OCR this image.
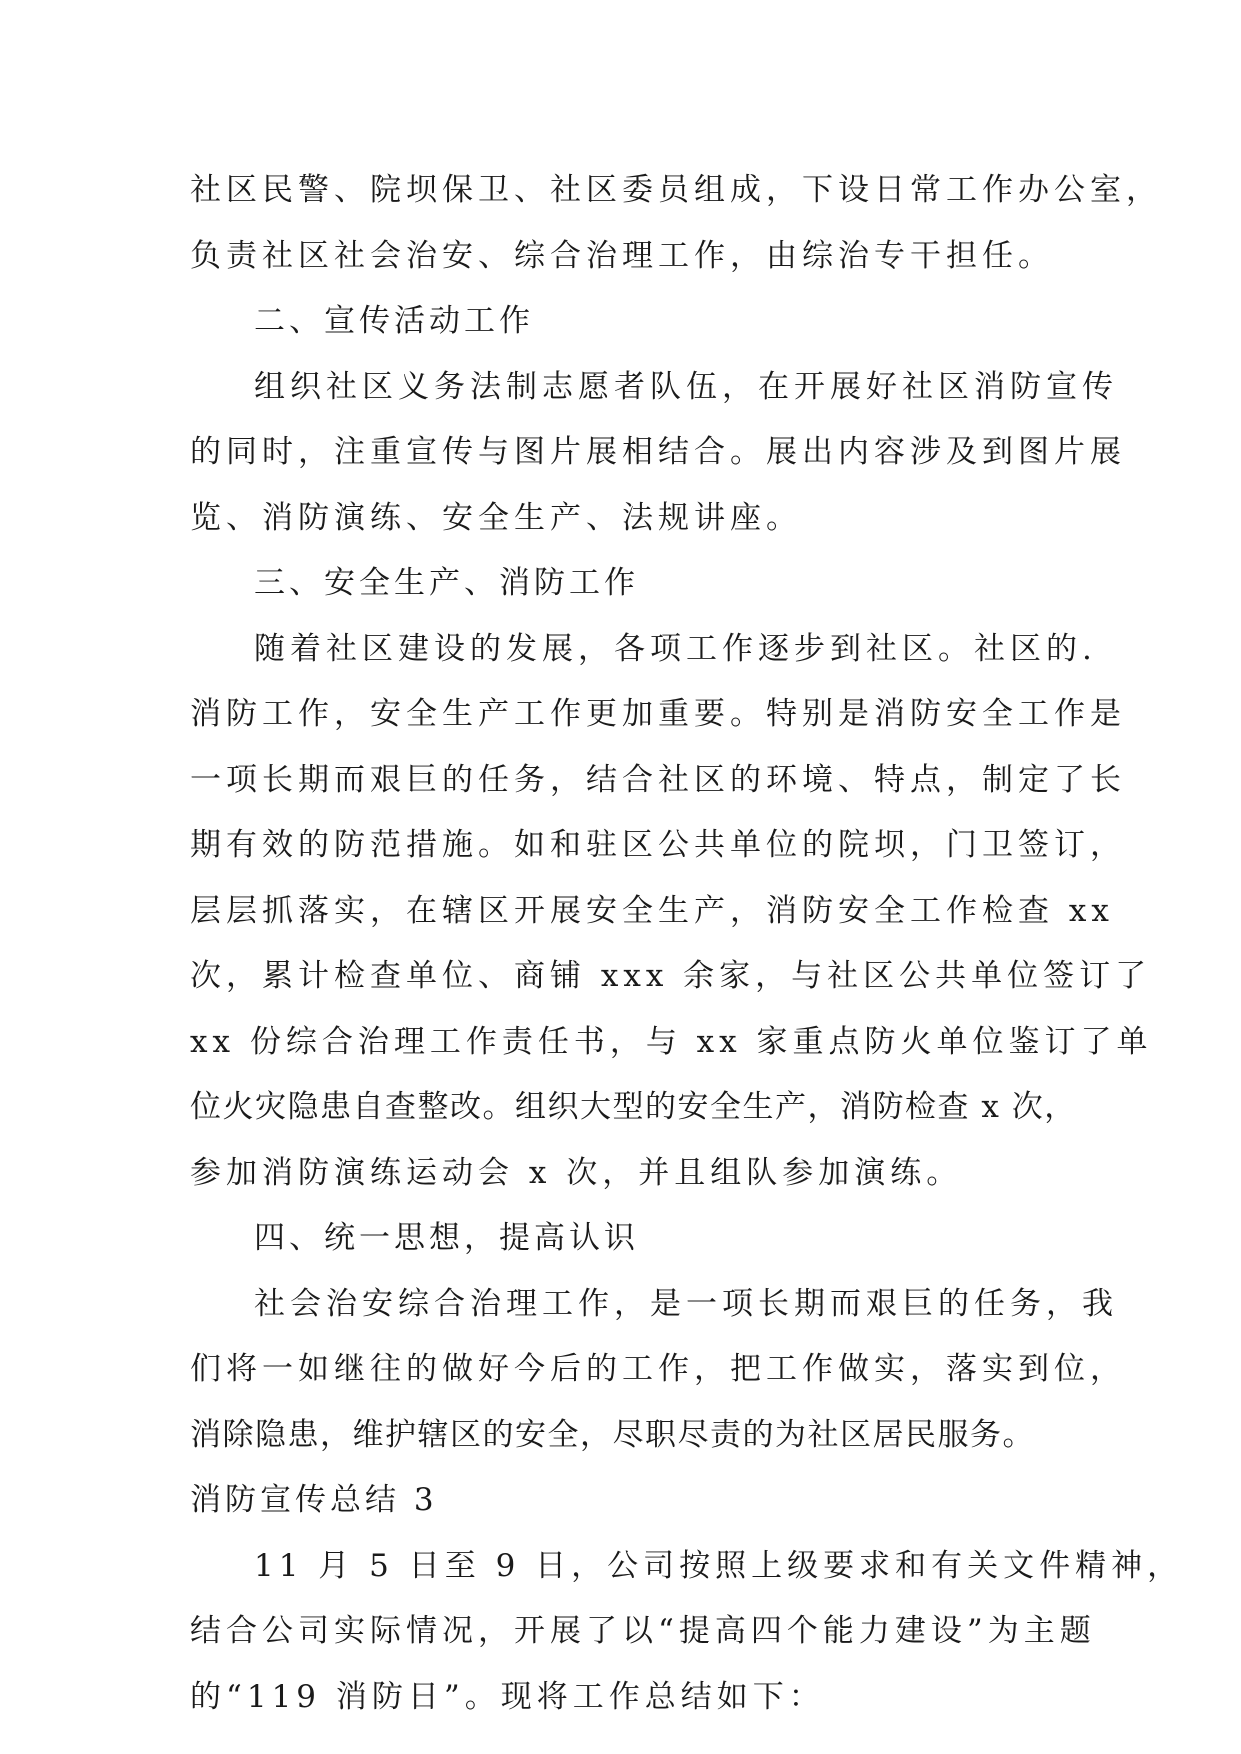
社区民警、院坝保卫、社区委员组成，下设日常工作办公室，
负责社区社会治安、综合治理工作，由综治专干担任。
二、宣传活动工作
组织社区义务法制志愿者队伍，在开展好社区消防宣传
的同时，注重宣传与图片展相结合。展出内容涉及到图片展
览、消防演练、安全生产、法规讲座。
三、安全生产、消防工作
随着社区建设的发展，各项工作逐步到社区。社区的.
消防工作，安全生产工作更加重要。特别是消防安全工作是
一项长期而艰巨的任务，结合社区的环境、特点，制定了长
期有效的防范措施。如和驻区公共单位的院坝，门卫签订，
层层抓落实，在辖区开展安全生产，消防安全工作检查 xx
次，累计检查单位、商铺 xxx 余家，与社区公共单位签订了
xx 份综合治理工作责任书，与 xx 家重点防火单位鉴订了单
位火灾隐患自查整改。组织大型的安全生产，消防检查 x 次，
参加消防演练运动会 x 次，并且组队参加演练。
四、统一思想，提高认识
社会治安综合治理工作，是一项长期而艰巨的任务，我
们将一如继往的做好今后的工作，把工作做实，落实到位，
消除隐患，维护辖区的安全，尽职尽责的为社区居民服务。
消防宣传总结 3
11 月 5 日至 9 日，公司按照上级要求和有关文件精神，
结合公司实际情况，开展了以“提高四个能力建设”为主题
的“119 消防日”。现将工作总结如下：
